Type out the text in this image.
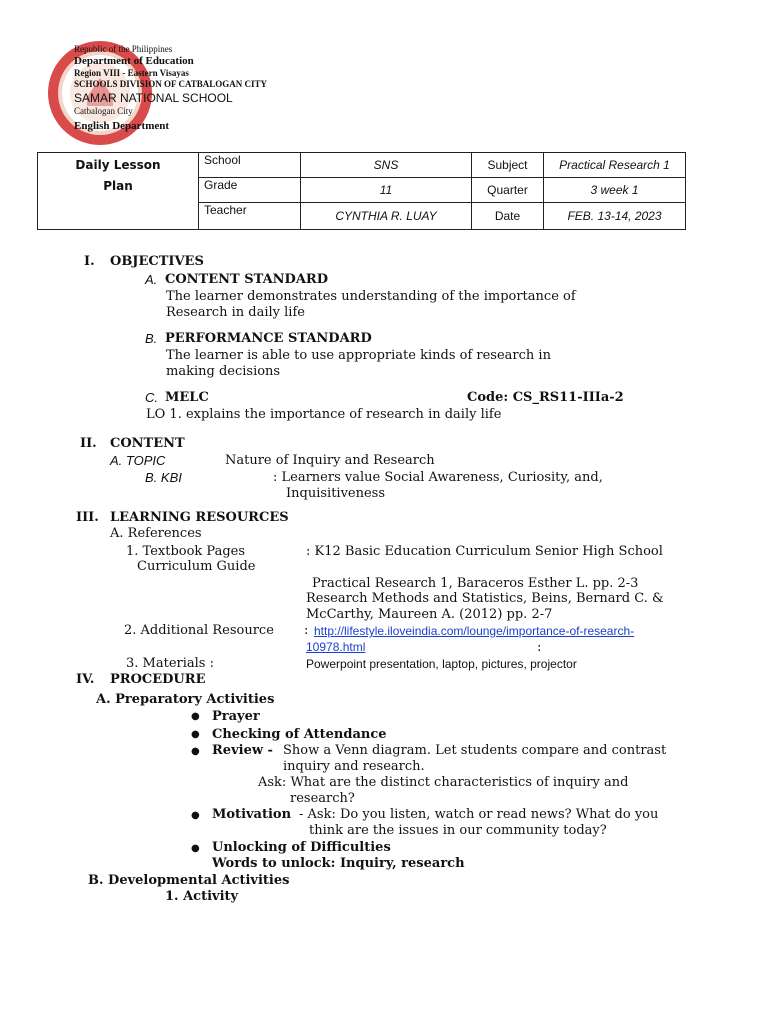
Republic of the Philippines
Department of Education
Region VIII - Eastern Visayas
SCHOOLS DIVISION OF CATBALOGAN CITY
SAMAR NATIONAL SCHOOL
Catbalogan City
English Department
Daily Lesson
Plan	School	SNS	Subject	Practical Research 1
	Grade	11	Quarter	3 week 1
	Teacher	CYNTHIA R. LUAY	Date	FEB. 13-14, 2023
I. OBJECTIVES
A. CONTENT STANDARD
The learner demonstrates understanding of the importance of
Research in daily life
B. PERFORMANCE STANDARD
The learner is able to use appropriate kinds of research in
making decisions
C. MELC	Code: CS_RS11-IIIa-2
LO 1. explains the importance of research in daily life
II. CONTENT
A. TOPIC	Nature of Inquiry and Research
B. KBI	: Learners value Social Awareness, Curiosity, and,
Inquisitiveness
III. LEARNING RESOURCES
A. References
1. Textbook Pages	: K12 Basic Education Curriculum Senior High School
Curriculum Guide
Practical Research 1, Baraceros Esther L. pp. 2-3
Research Methods and Statistics, Beins, Bernard C. &
McCarthy, Maureen A. (2012) pp. 2-7
2. Additional Resource : http://lifestyle.iloveindia.com/lounge/importance-of-research-
10978.html	:
3. Materials :	Powerpoint presentation, laptop, pictures, projector
IV. PROCEDURE
A. Preparatory Activities
● Prayer
● Checking of Attendance
● Review - Show a Venn diagram. Let students compare and contrast
inquiry and research.
Ask: What are the distinct characteristics of inquiry and
research?
● Motivation - Ask: Do you listen, watch or read news? What do you
think are the issues in our community today?
● Unlocking of Difficulties
Words to unlock: Inquiry, research
B. Developmental Activities
1. Activity
